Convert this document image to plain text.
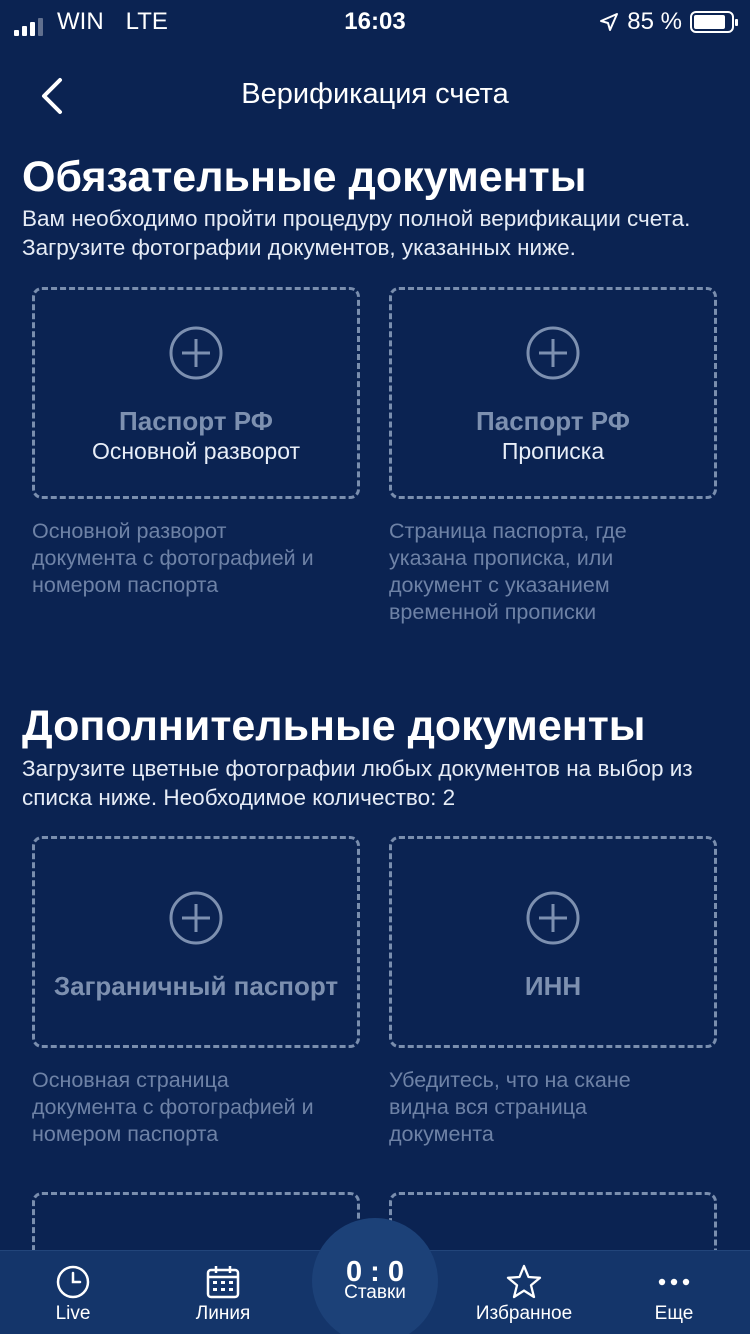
WIN LTE	16:03	85 %
Верификация счета
Обязательные документы
Вам необходимо пройти процедуру полной верификации счета. Загрузите фотографии документов, указанных ниже.
Паспорт РФ
Основной разворот
Паспорт РФ
Прописка
Основной разворот документа с фотографией и номером паспорта
Страница паспорта, где указана прописка, или документ с указанием временной прописки
Дополнительные документы
Загрузите цветные фотографии любых документов на выбор из списка ниже. Необходимое количество: 2
Заграничный паспорт	ИНН
Основная страница документа с фотографией и номером паспорта
Убедитесь, что на скане видна вся страница документа
Live	Линия	Избранное	Еще
0 : 0
Ставки
